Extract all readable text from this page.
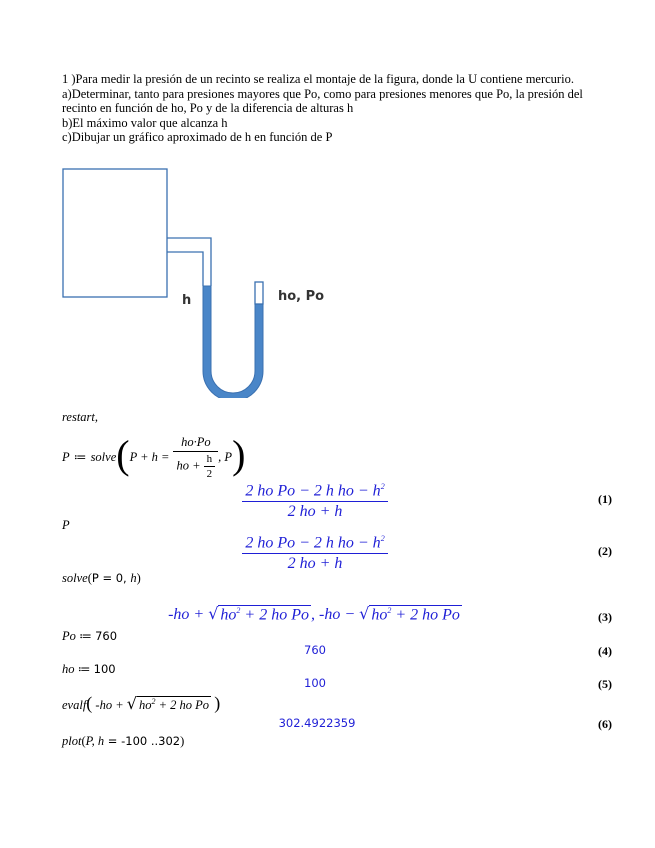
1 )Para medir la presión de un recinto se realiza el montaje de la figura, donde la U contiene mercurio.
a)Determinar, tanto para presiones mayores que Po, como para presiones menores que Po, la presión del
recinto en función de ho, Po y de la diferencia de alturas h
b)El máximo valor que alcanza h
c)Dibujar un gráfico aproximado de h en función de P
h	ho, Po
restart,
P ≔ solve ( $P + h = \frac{ho\cdot Po}{ho + \frac{h}{2}}$ , P )
$\frac{2 ho Po - 2 h ho - h^2}{2 ho + h}$	(1)
P
$\frac{2 ho Po - 2 h ho - h^2}{2 ho + h}$	(2)
solve(P = 0, h)
-ho + √ $ho^2 + 2$ ho Po , -ho − √ $ho^2 + 2$ ho Po	(3)
Po ≔ 760
760	(4)
ho ≔ 100
100	(5)
evalf( -ho + √ $ho^2 + 2$ ho Po )
302.4922359	(6)
plot(P, h = -100 ..302)
